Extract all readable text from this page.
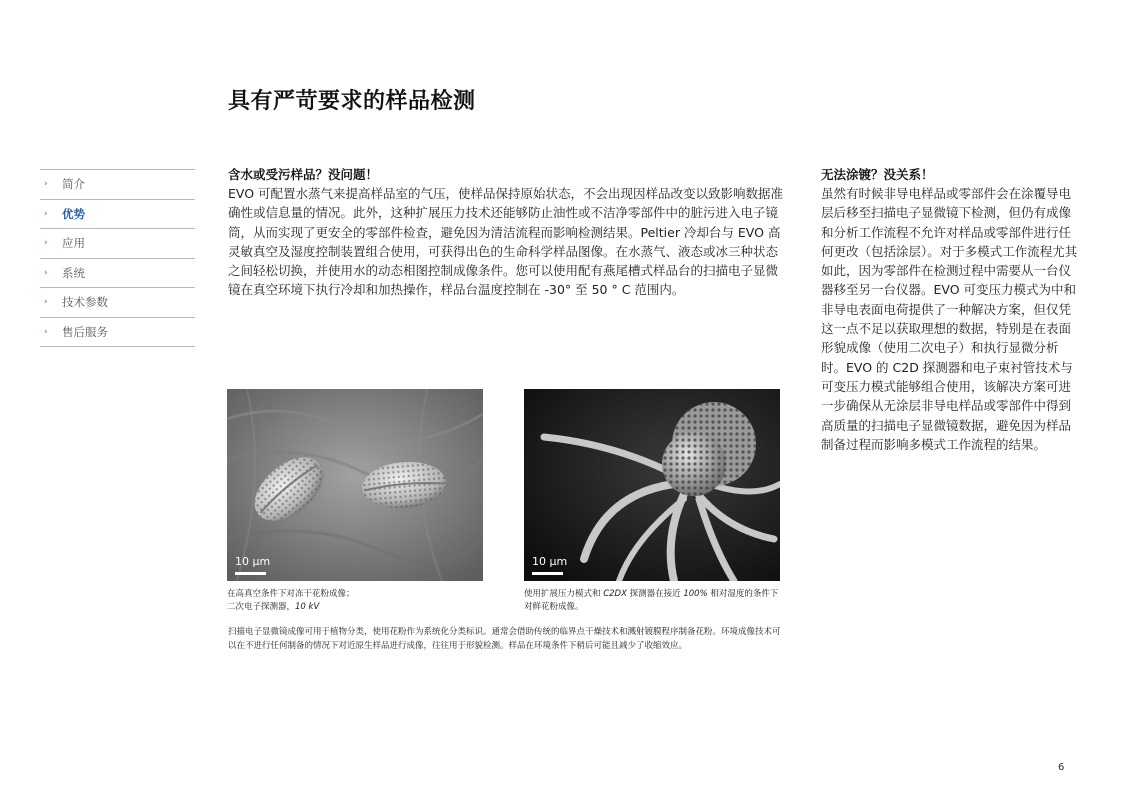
具有严苛要求的样品检测
›	简介
›	优势
›	应用
›	系统
›	技术参数
›	售后服务

含水或受污样品？没问题！

EVO 可配置水蒸气来提高样品室的气压，使样品保持原始状态，不会出现因样品改变以致影响数据准确性或信息量的情况。此外，这种扩展压力技术还能够防止油性或不洁净零部件中的脏污进入电子镜筒，从而实现了更安全的零部件检查，避免因为清洁流程而影响检测结果。Peltier 冷却台与 EVO 高灵敏真空及湿度控制装置组合使用，可获得出色的生命科学样品图像。在水蒸气、液态或冰三种状态之间轻松切换，并使用水的动态相图控制成像条件。您可以使用配有燕尾槽式样品台的扫描电子显微镜在真空环境下执行冷却和加热操作，样品台温度控制在 -30° 至 50 ° C 范围内。

无法涂镀？没关系！

虽然有时候非导电样品或零部件会在涂覆导电层后移至扫描电子显微镜下检测，但仍有成像和分析工作流程不允许对样品或零部件进行任何更改（包括涂层）。对于多模式工作流程尤其如此，因为零部件在检测过程中需要从一台仪器移至另一台仪器。EVO 可变压力模式为中和非导电表面电荷提供了一种解决方案，但仅凭这一点不足以获取理想的数据，特别是在表面形貌成像（使用二次电子）和执行显微分析时。EVO 的 C2D 探测器和电子束衬管技术与可变压力模式能够组合使用，该解决方案可进一步确保从无涂层非导电样品或零部件中得到高质量的扫描电子显微镜数据，避免因为样品制备过程而影响多模式工作流程的结果。

10 µm
在高真空条件下对冻干花粉成像；
二次电子探测器，10 kV
10 µm
使用扩展压力模式和 C2DX 探测器在接近 100% 相对湿度的条件下对鲜花粉成像。
扫描电子显微镜成像可用于植物分类，使用花粉作为系统化分类标识。通常会借助传统的临界点干燥技术和溅射镀膜程序制备花粉。环境成像技术可以在不进行任何制备的情况下对近原生样品进行成像，往往用于形貌检测。样品在环境条件下稍后可能且减少了收缩效应。
6
